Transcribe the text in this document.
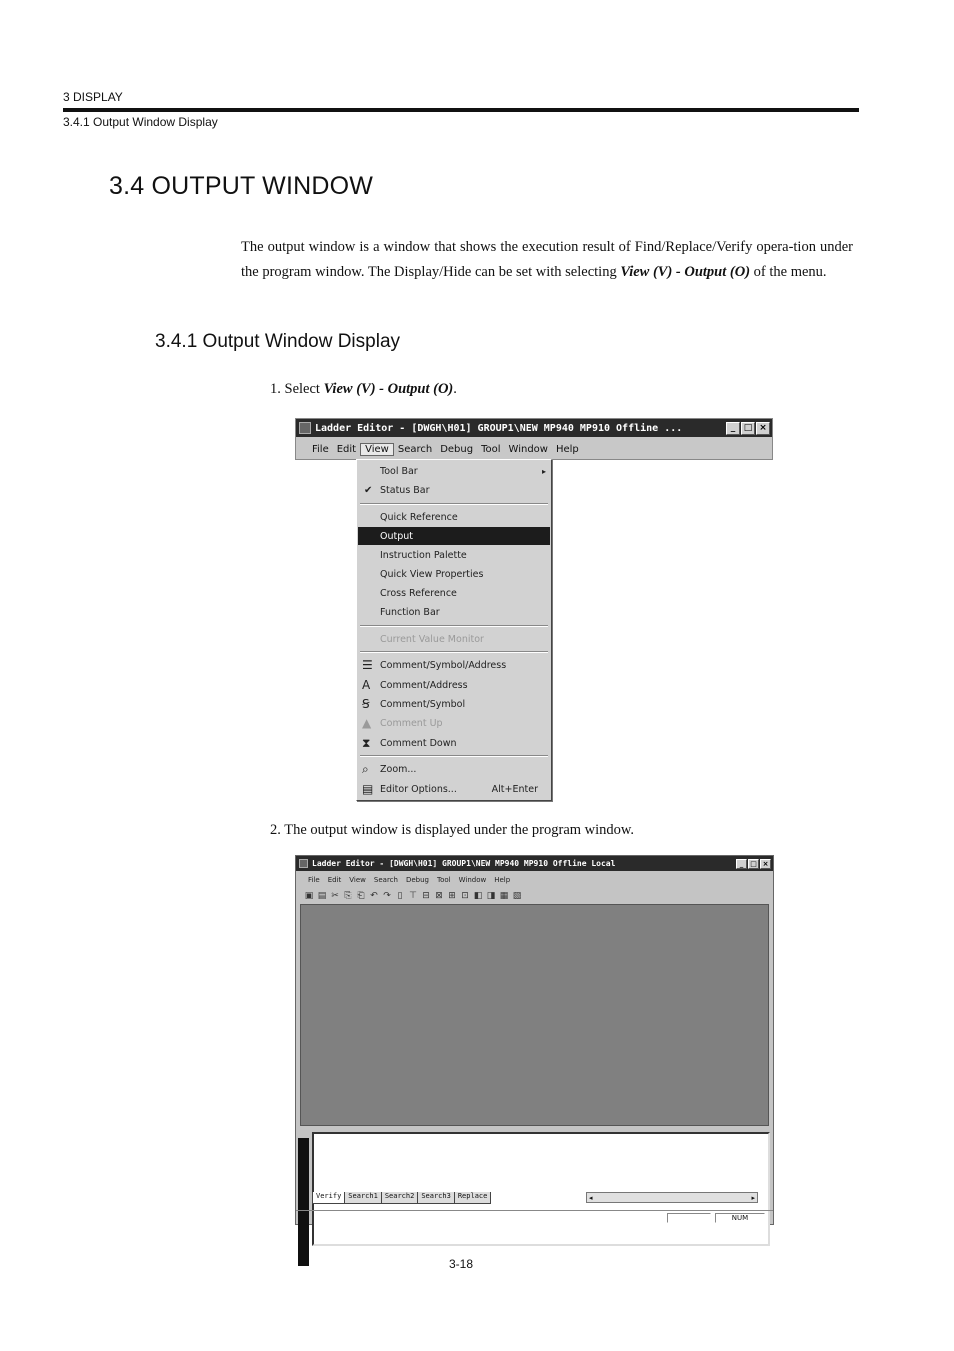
3 DISPLAY
3.4.1 Output Window Display
3.4 OUTPUT WINDOW

The output window is a window that shows the execution result of Find/Replace/Verify opera-tion under the program window. The Display/Hide can be set with selecting View (V) - Output (O) of the menu.

3.4.1 Output Window Display
1. Select View (V) - Output (O).
Ladder Editor - [DWGH\H01] GROUP1\NEW MP940 MP910 Offline ...	_ □ ×
File Edit View Search Debug Tool Window Help
Tool Bar	▸
✔ Status Bar
Quick Reference
Output
Instruction Palette
Quick View Properties
Cross Reference
Function Bar
Current Value Monitor
☰ Comment/Symbol/Address
A Comment/Address
Ꞩ Comment/Symbol
▲ Comment Up
⧗ Comment Down
⌕ Zoom...
▤ Editor Options...	Alt+Enter
2. The output window is displayed under the program window.
Ladder Editor - [DWGH\H01] GROUP1\NEW MP940 MP910 Offline Local	_ □ ×
File	Edit	View	Search	Debug	Tool	Window	Help
▣ ▤ ✂ ⎘ ⎗ ↶ ↷ ▯ ⊤ ⊟ ⊠ ⊞ ⊡ ◧ ◨ ▦ ▧
Verify	Search1	Search2	Search3	Replace	◂	▸
NUM
3-18
